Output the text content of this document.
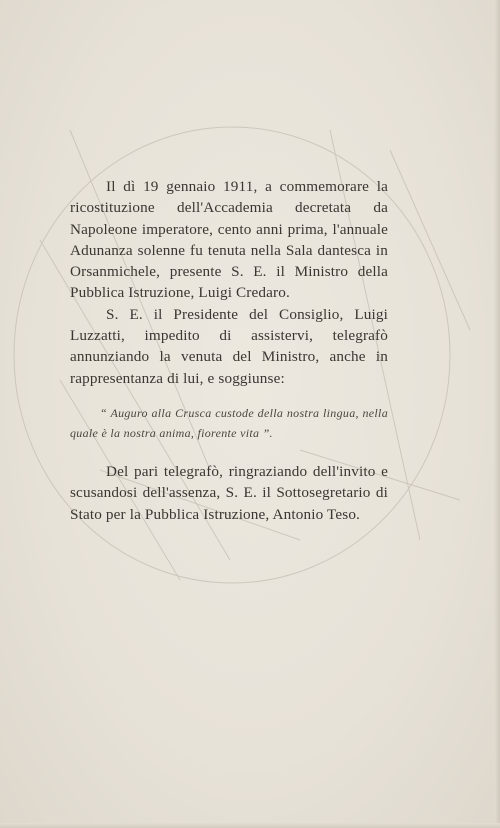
Il dì 19 gennaio 1911, a commemorare la ricostituzione dell'Accademia decretata da Napoleone imperatore, cento anni prima, l'annuale Adunanza solenne fu tenuta nella Sala dantesca in Orsanmichele, presente S. E. il Ministro della Pubblica Istruzione, Luigi Credaro.

S. E. il Presidente del Consiglio, Luigi Luzzatti, impedito di assistervi, telegrafò annunziando la venuta del Ministro, anche in rappresentanza di lui, e soggiunse:

“ Auguro alla Crusca custode della nostra lingua, nella quale è la nostra anima, fiorente vita ”.

Del pari telegrafò, ringraziando dell'invito e scusandosi dell'assenza, S. E. il Sottosegretario di Stato per la Pubblica Istruzione, Antonio Teso.
